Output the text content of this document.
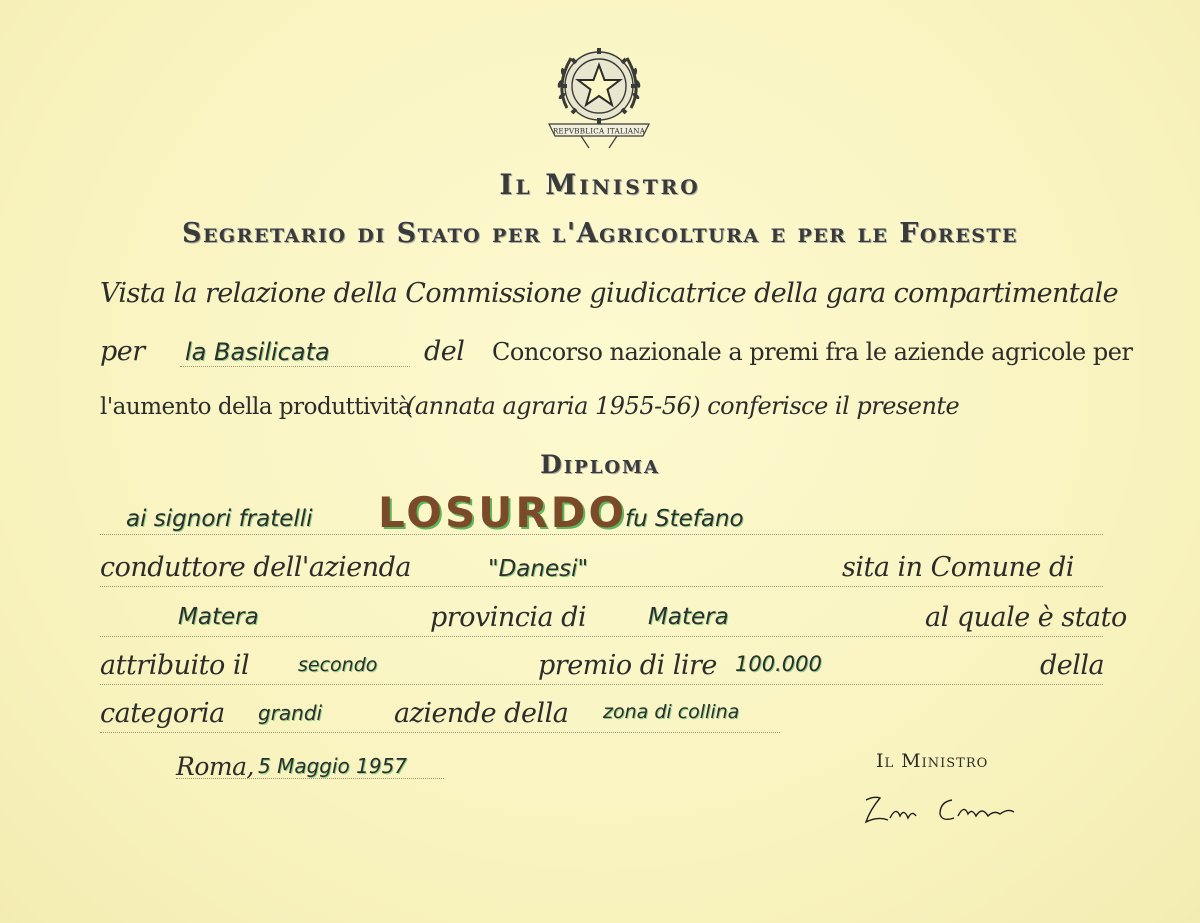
REPVBBLICA ITALIANA
Il Ministro
Segretario di Stato per l'Agricoltura e per le Foreste
Vista la relazione della Commissione giudicatrice della gara compartimentale
per la Basilicata	del Concorso nazionale a premi fra le aziende agricole per
l'aumento della produttività
(annata agraria 1955-56) conferisce il presente
Diploma
ai signori fratelli LOSURDO
fu Stefano
conduttore dell'azienda	"Danesi"	sita in Comune di
Matera	provincia di	Matera	al quale è stato
attribuito il	secondo	premio di lire 100.000	della
categoria grandi	aziende della zona di collina
Roma, 5 Maggio 1957	Il Ministro
